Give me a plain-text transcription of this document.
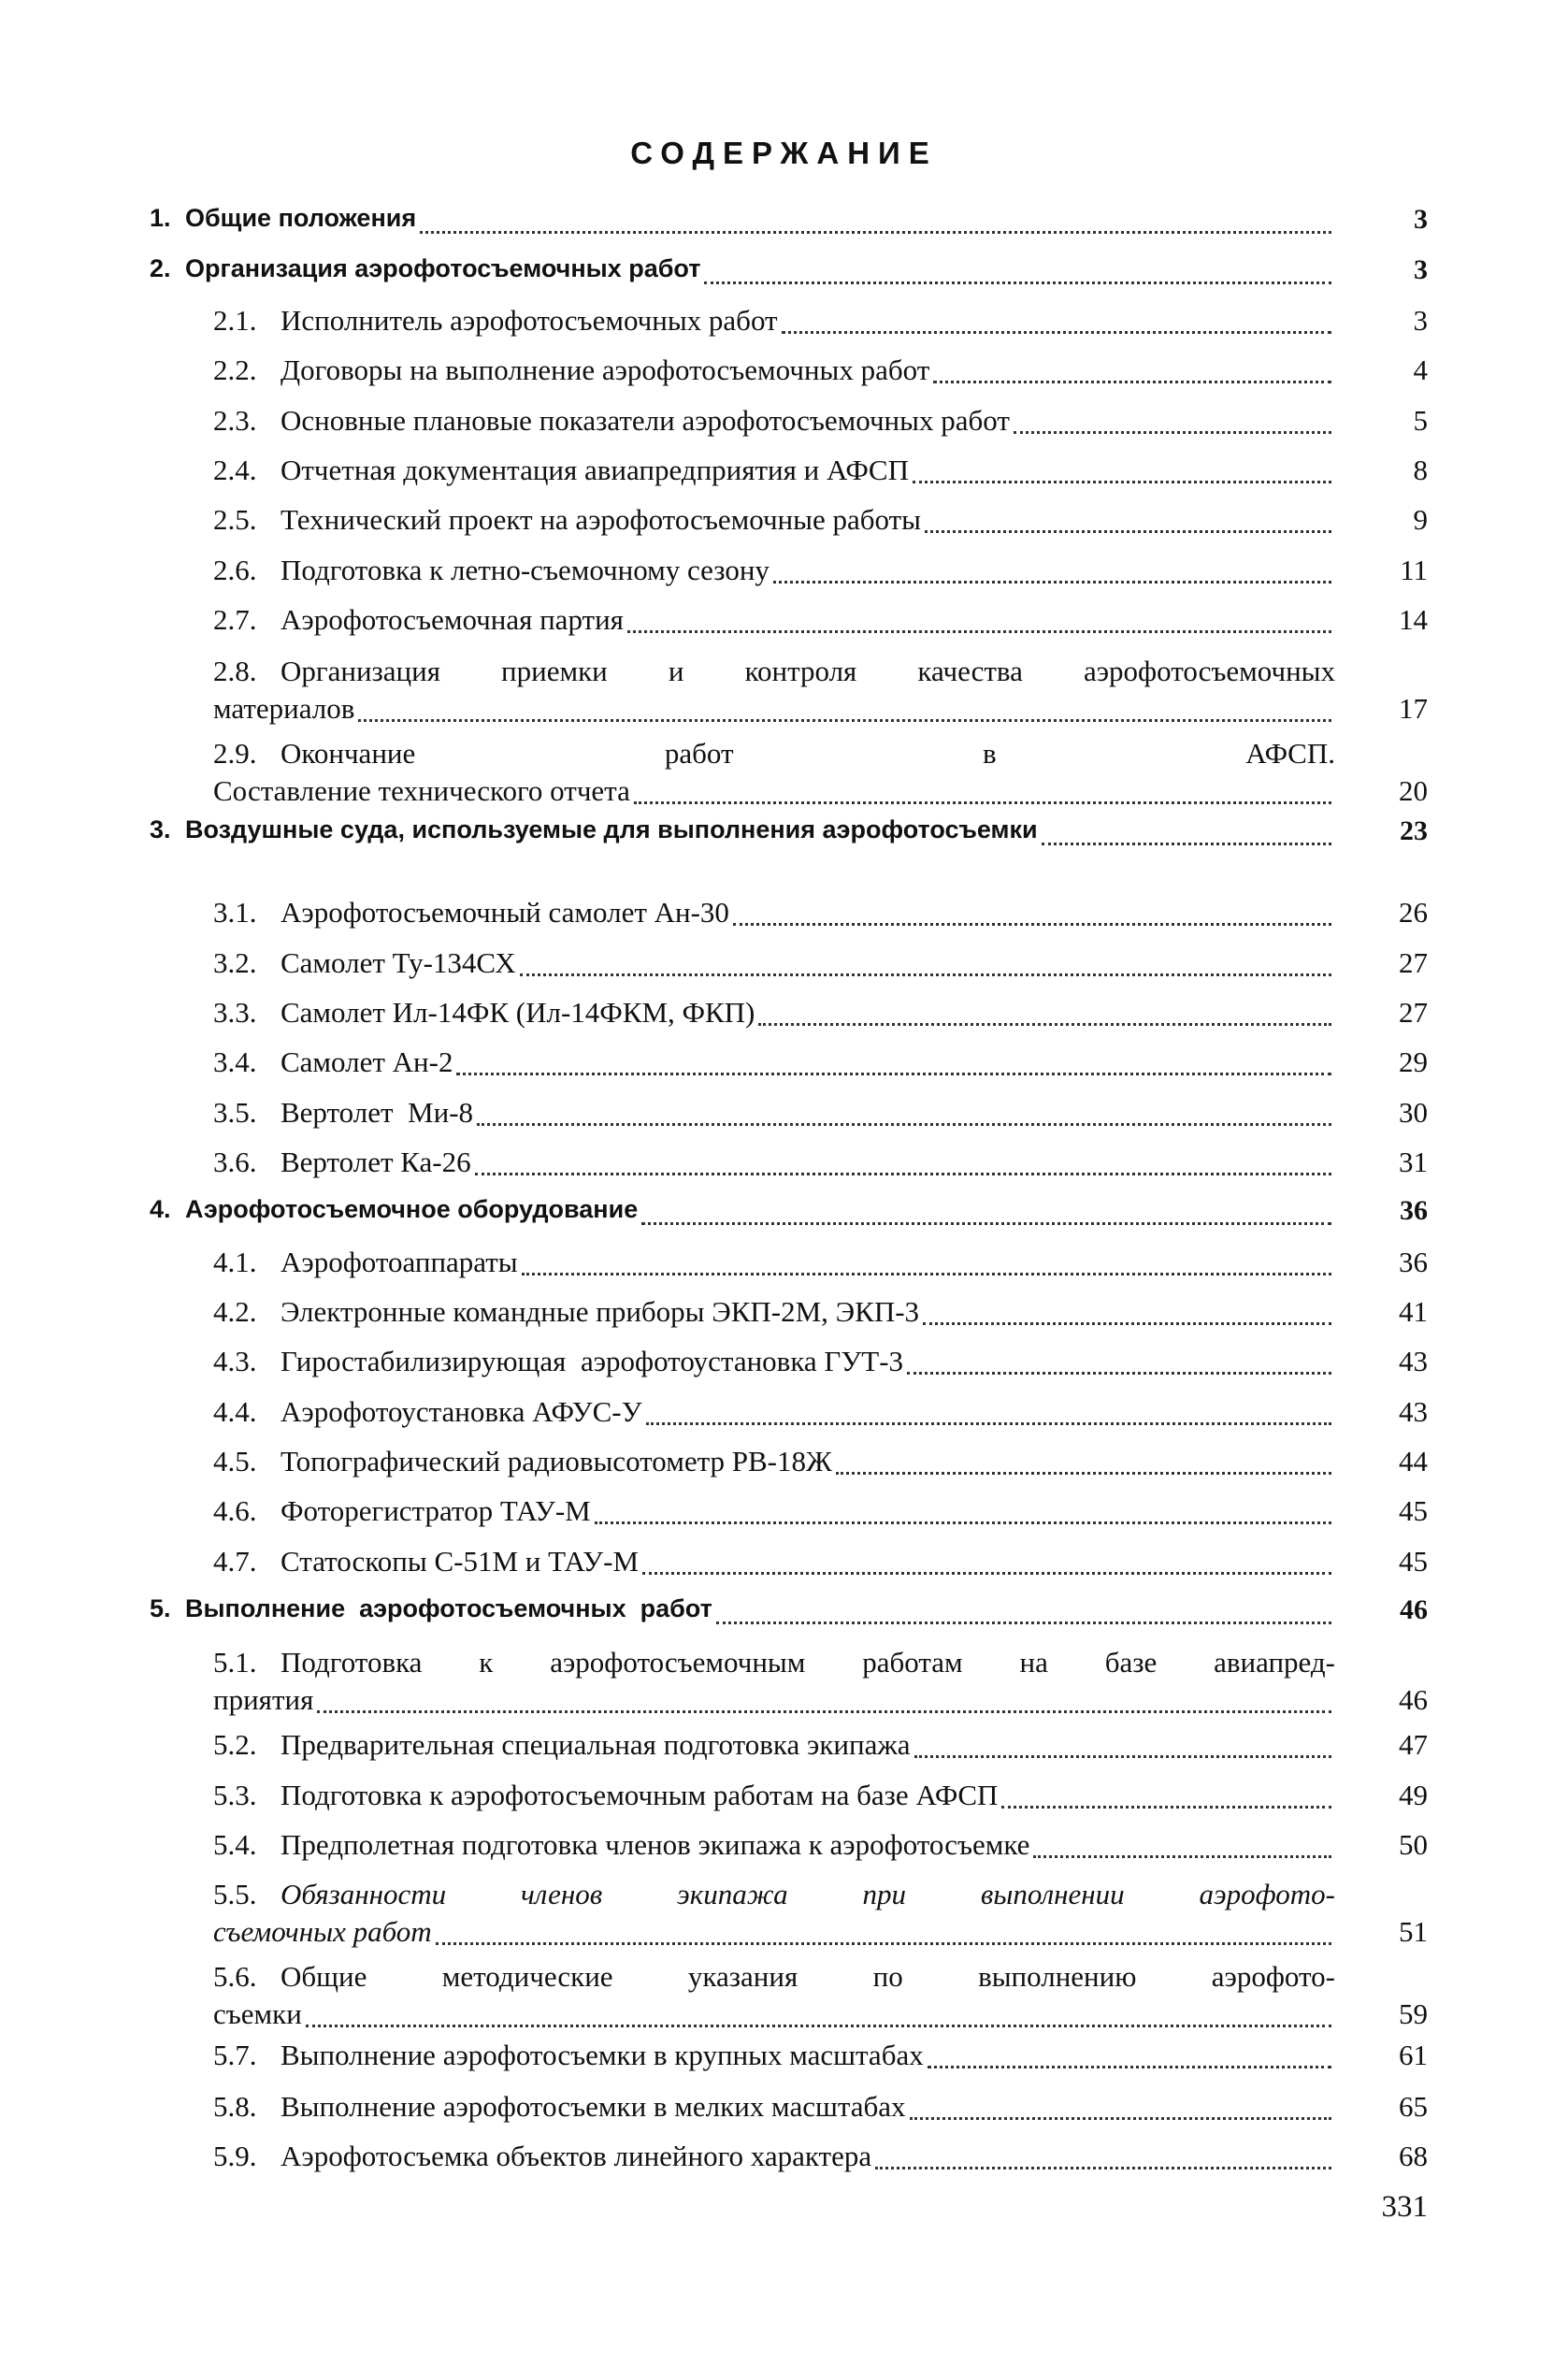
СОДЕРЖАНИЕ
1. Общие положения	3
2. Организация аэрофотосъемочных работ	3
2.1. Исполнитель аэрофотосъемочных работ	3
2.2. Договоры на выполнение аэрофотосъемочных работ	4
2.3. Основные плановые показатели аэрофотосъемочных работ	5
2.4. Отчетная документация авиапредприятия и АФСП	8
2.5. Технический проект на аэрофотосъемочные работы	9
2.6. Подготовка к летно-съемочному сезону	11
2.7. Аэрофотосъемочная партия	14
2.8. Организация приемки и контроля качества аэрофотосъемочных
материалов	17
2.9. Окончание работ в АФСП.
Составление технического отчета	20
3. Воздушные суда, используемые для выполнения аэрофотосъемки	23
3.1. Аэрофотосъемочный самолет Ан-30	26
3.2. Самолет Ту-134СХ	27
3.3. Самолет Ил-14ФК (Ил-14ФКМ, ФКП)	27
3.4. Самолет Ан-2	29
3.5. Вертолет  Ми-8	30
3.6. Вертолет Ка-26	31
4. Аэрофотосъемочное оборудование	36
4.1. Аэрофотоаппараты	36
4.2. Электронные командные приборы ЭКП-2М, ЭКП-3	41
4.3. Гиростабилизирующая  аэрофотоустановка ГУТ-3	43
4.4. Аэрофотоустановка АФУС-У	43
4.5. Топографический радиовысотометр РВ-18Ж	44
4.6. Фоторегистратор ТАУ-М	45
4.7. Статоскопы С-51М и ТАУ-М	45
5. Выполнение  аэрофотосъемочных  работ	46
5.1. Подготовка к аэрофотосъемочным работам на базе авиапред-
приятия	46
5.2. Предварительная специальная подготовка экипажа	47
5.3. Подготовка к аэрофотосъемочным работам на базе АФСП	49
5.4. Предполетная подготовка членов экипажа к аэрофотосъемке	50
5.5. Обязанности членов экипажа при выполнении аэрофото-
съемочных работ	51
5.6. Общие методические указания по выполнению аэрофото-
съемки	59
5.7. Выполнение аэрофотосъемки в крупных масштабах	61
5.8. Выполнение аэрофотосъемки в мелких масштабах	65
5.9. Аэрофотосъемка объектов линейного характера	68
331
